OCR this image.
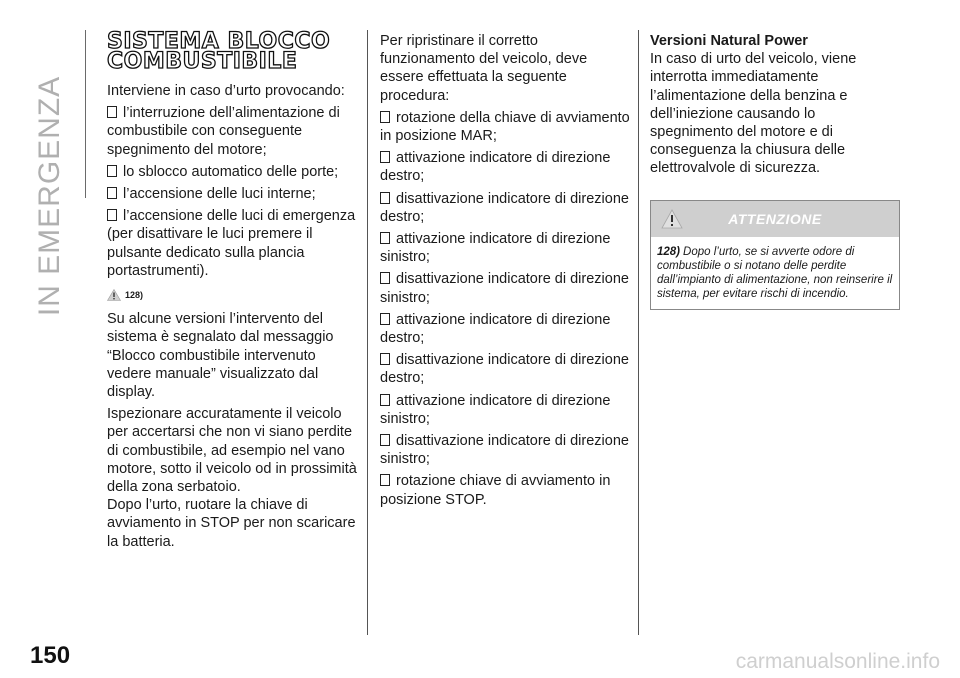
IN EMERGENZA
SISTEMA BLOCCO
COMBUSTIBILE

Interviene in caso d’urto provocando:

l’interruzione dell’alimentazione di combustibile con conseguente spegnimento del motore;

lo sblocco automatico delle porte;

l’accensione delle luci interne;

l’accensione delle luci di emergenza (per disattivare le luci premere il pulsante dedicato sulla plancia portastrumenti).

128)

Su alcune versioni l’intervento del sistema è segnalato dal messaggio “Blocco combustibile intervenuto vedere manuale” visualizzato dal display.

Ispezionare accuratamente il veicolo per accertarsi che non vi siano perdite di combustibile, ad esempio nel vano motore, sotto il veicolo od in prossimità della zona serbatoio.

Dopo l’urto, ruotare la chiave di avviamento in STOP per non scaricare la batteria.

Per ripristinare il corretto funzionamento del veicolo, deve essere effettuata la seguente procedura:

rotazione della chiave di avviamento in posizione MAR;

attivazione indicatore di direzione destro;

disattivazione indicatore di direzione destro;

attivazione indicatore di direzione sinistro;

disattivazione indicatore di direzione sinistro;

attivazione indicatore di direzione destro;

disattivazione indicatore di direzione destro;

attivazione indicatore di direzione sinistro;

disattivazione indicatore di direzione sinistro;

rotazione chiave di avviamento in posizione STOP.

Versioni Natural Power

In caso di urto del veicolo, viene interrotta immediatamente l’alimentazione della benzina e dell’iniezione causando lo spegnimento del motore e di conseguenza la chiusura delle elettrovalvole di sicurezza.

ATTENZIONE
128) Dopo l’urto, se si avverte odore di combustibile o si notano delle perdite dall’impianto di alimentazione, non reinserire il sistema, per evitare rischi di incendio.
150	carmanualsonline.info
